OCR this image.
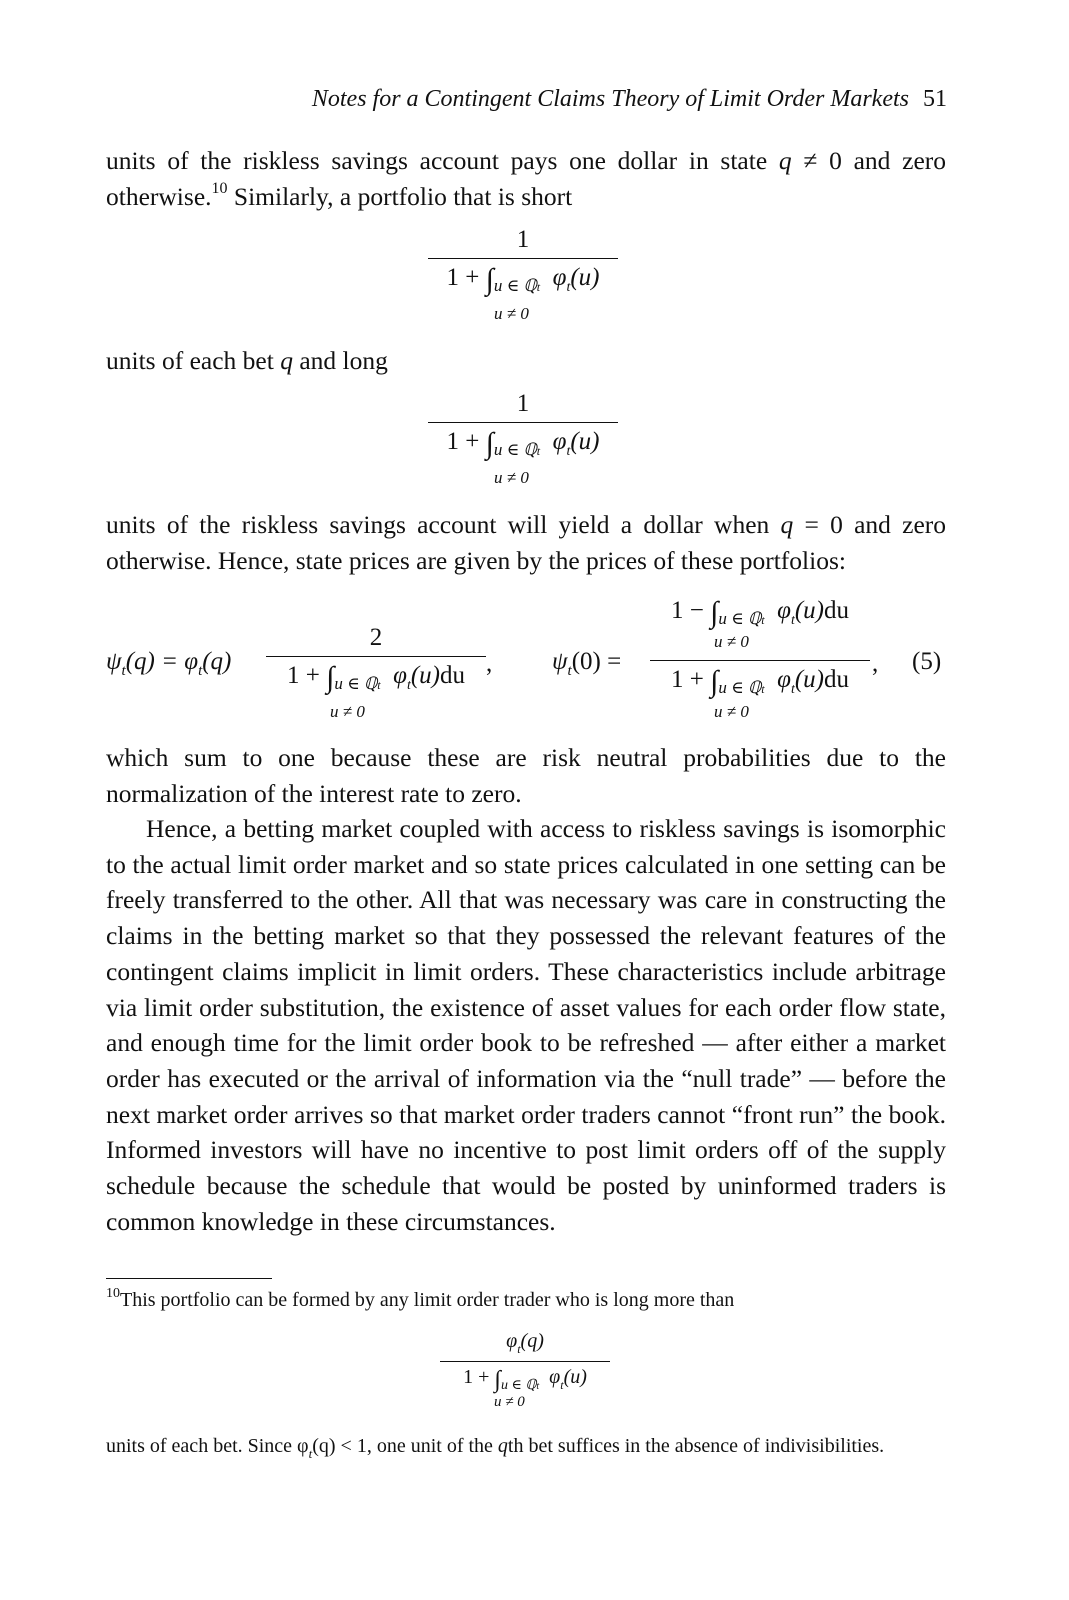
Notes for a Contingent Claims Theory of Limit Order Markets 51

units of the riskless savings account pays one dollar in state q ≠ 0 and zero otherwise.$^{10}$ Similarly, a portfolio that is short

1
$1 + \int_{u \in ℚt}$ $\varphi_t(u)$
u ≠ 0

units of each bet q and long

1
$1 + \int_{u \in ℚt}$ $\varphi_t(u)$
u ≠ 0

units of the riskless savings account will yield a dollar when q = 0 and zero otherwise. Hence, state prices are given by the prices of these portfolios:

$\psi_t(q) = \varphi_t(q)$
2
$1 + \int_{u \in ℚt}$ $\varphi_t(u)du$ ,
u ≠ 0
$\psi_t(0)$ =
$1 - \int_{u \in ℚt}$ $\varphi_t(u)du$
$1 + \int_{u \in ℚt}$ $\varphi_t(u)du$
u ≠ 0
u ≠ 0
, (5)

which sum to one because these are risk neutral probabilities due to the normalization of the interest rate to zero.

Hence, a betting market coupled with access to riskless savings is isomorphic to the actual limit order market and so state prices calculated in one setting can be freely transferred to the other. All that was necessary was care in constructing the claims in the betting market so that they possessed the relevant features of the contingent claims implicit in limit orders. These characteristics include arbitrage via limit order substitution, the existence of asset values for each order flow state, and enough time for the limit order book to be refreshed — after either a market order has executed or the arrival of information via the “null trade” — before the next market order arrives so that market order traders cannot “front run” the book. Informed investors will have no incentive to post limit orders off of the supply schedule because the schedule that would be posted by uninformed traders is common knowledge in these circumstances.

$^{10}$This portfolio can be formed by any limit order trader who is long more than

$\varphi_t(q)$
$1 + \int_{u \in ℚt}$ $\varphi_t(u)$
u ≠ 0

units of each bet. Since $\varphi_t(q) < 1$, one unit of the qth bet suffices in the absence of indivisibilities.
